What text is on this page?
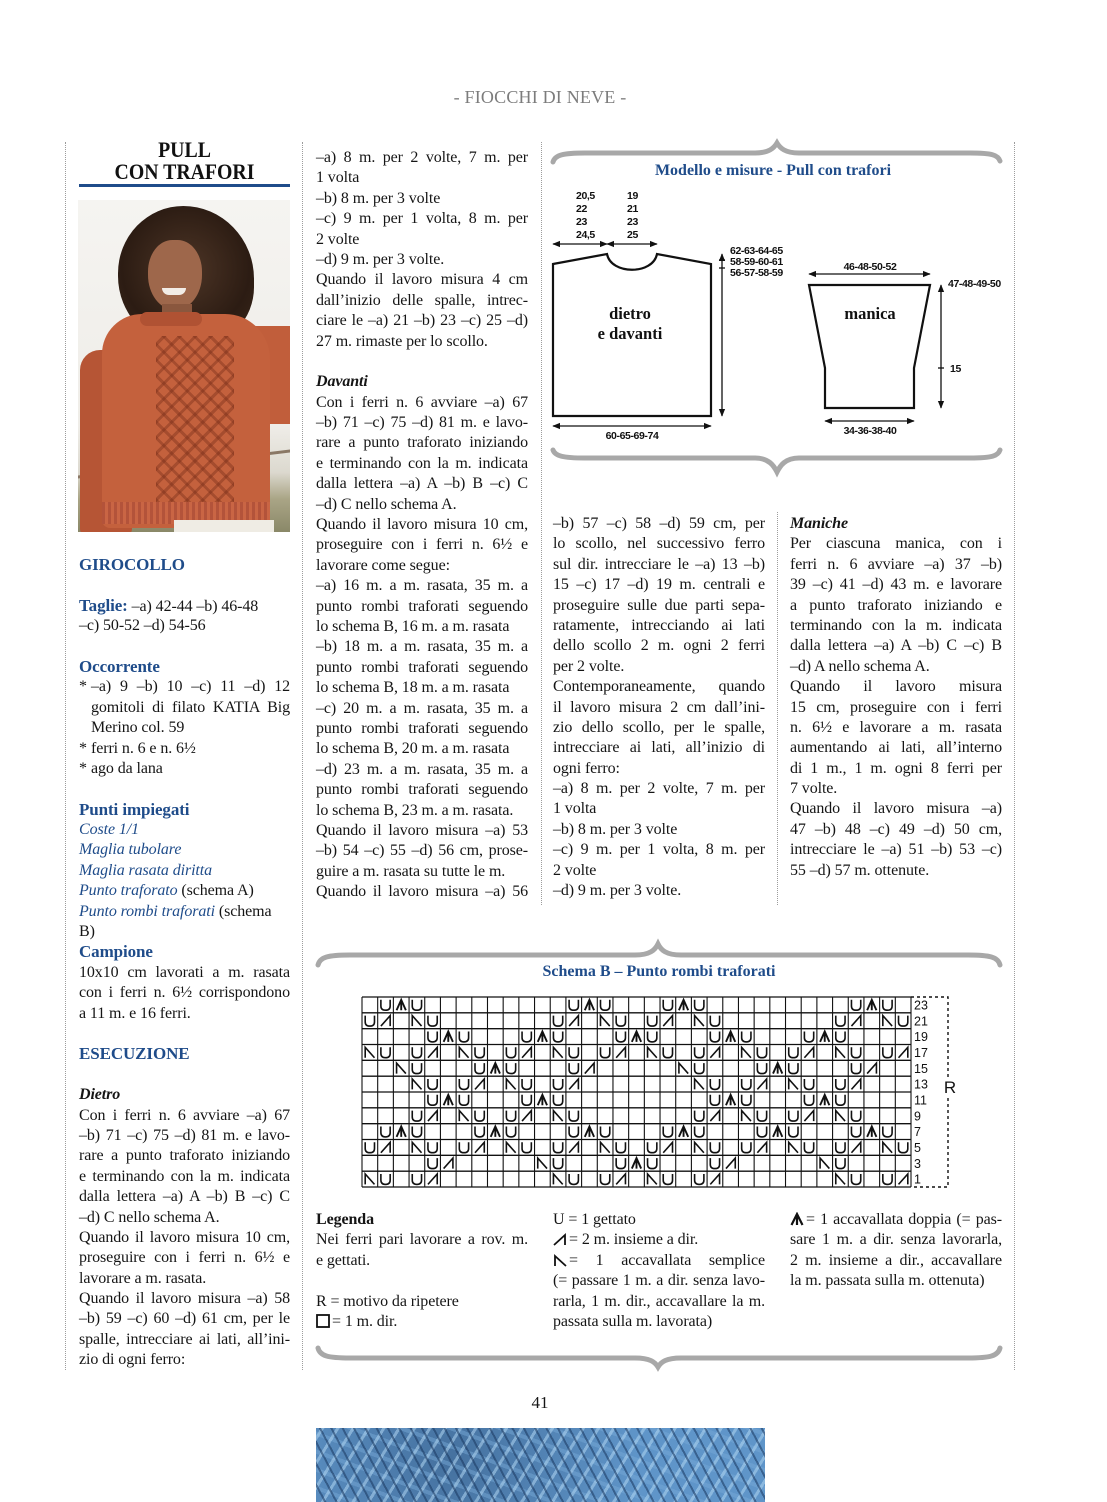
- FIOCCHI DI NEVE -
PULL
CON TRAFORI
GIROCOLLO
Taglie: –a) 42-44 –b) 46-48
–c) 50-52 –d) 54-56
Occorrente
* –a) 9 –b) 10 –c) 11 –d) 12
gomitoli di filato KATIA Big
Merino col. 59
* ferri n. 6 e n. 6½
* ago da lana
Punti impiegati
Coste 1/1
Maglia tubolare
Maglia rasata diritta
Punto traforato (schema A)
Punto rombi traforati (schema B)
Campione
10x10 cm lavorati a m. rasata
con i ferri n. 6½ corrispondono
a 11 m. e 16 ferri.
ESECUZIONE
Dietro
Con i ferri n. 6 avviare –a) 67
–b) 71 –c) 75 –d) 81 m. e lavo-
rare a punto traforato iniziando
e terminando con la m. indicata
dalla lettera –a) A –b) B –c) C
–d) C nello schema A.
Quando il lavoro misura 10 cm,
proseguire con i ferri n. 6½ e
lavorare a m. rasata.
Quando il lavoro misura –a) 58
–b) 59 –c) 60 –d) 61 cm, per le
spalle, intrecciare ai lati, all’ini-
zio di ogni ferro:
–a) 8 m. per 2 volte, 7 m. per
1 volta
–b) 8 m. per 3 volte
–c) 9 m. per 1 volta, 8 m. per
2 volte
–d) 9 m. per 3 volte.
Quando il lavoro misura 4 cm
dall’inizio delle spalle, intrec-
ciare le –a) 21 –b) 23 –c) 25 –d)
27 m. rimaste per lo scollo.
Davanti
Con i ferri n. 6 avviare –a) 67
–b) 71 –c) 75 –d) 81 m. e lavo-
rare a punto traforato iniziando
e terminando con la m. indicata
dalla lettera –a) A –b) B –c) C
–d) C nello schema A.
Quando il lavoro misura 10 cm,
proseguire con i ferri n. 6½ e
lavorare come segue:
–a) 16 m. a m. rasata, 35 m. a
punto rombi traforati seguendo
lo schema B, 16 m. a m. rasata
–b) 18 m. a m. rasata, 35 m. a
punto rombi traforati seguendo
lo schema B, 18 m. a m. rasata
–c) 20 m. a m. rasata, 35 m. a
punto rombi traforati seguendo
lo schema B, 20 m. a m. rasata
–d) 23 m. a m. rasata, 35 m. a
punto rombi traforati seguendo
lo schema B, 23 m. a m. rasata.
Quando il lavoro misura –a) 53
–b) 54 –c) 55 –d) 56 cm, prose-
guire a m. rasata su tutte le m.
Quando il lavoro misura –a) 56
–b) 57 –c) 58 –d) 59 cm, per
lo scollo, nel successivo ferro
sul dir. intrecciare le –a) 13 –b)
15 –c) 17 –d) 19 m. centrali e
proseguire sulle due parti sepa-
ratamente, intrecciando ai lati
dello scollo 2 m. ogni 2 ferri
per 2 volte.
Contemporaneamente, quando
il lavoro misura 2 cm dall’ini-
zio dello scollo, per le spalle,
intrecciare ai lati, all’inizio di
ogni ferro:
–a) 8 m. per 2 volte, 7 m. per
1 volta
–b) 8 m. per 3 volte
–c) 9 m. per 1 volta, 8 m. per
2 volte
–d) 9 m. per 3 volte.
Maniche
Per ciascuna manica, con i
ferri n. 6 avviare –a) 37 –b)
39 –c) 41 –d) 43 m. e lavorare
a punto traforato iniziando e
terminando con la m. indicata
dalla lettera –a) A –b) C –c) B
–d) A nello schema A.
Quando il lavoro misura
15 cm, proseguire con i ferri
n. 6½ e lavorare a m. rasata
aumentando ai lati, all’interno
di 1 m., 1 m. ogni 8 ferri per
7 volte.
Quando il lavoro misura –a)
47 –b) 48 –c) 49 –d) 50 cm,
intrecciare le –a) 51 –b) 53 –c)
55 –d) 57 m. ottenute.
Modello e misure - Pull con trafori
20,5
22
23
24,5
19
21
23
25
62-63-64-65
58-59-60-61
56-57-58-59
60-65-69-74
dietro
e davanti
46-48-50-52
47-48-49-50
15
34-36-38-40
manica
Schema B – Punto rombi traforati
23
21
19
17
15
13
11
9
7
5
3
1
R
Legenda
Nei ferri pari lavorare a rov. m.
e gettati.
R = motivo da ripetere
= 1 m. dir.
U = 1 gettato
= 2 m. insieme a dir.
= 1 accavallata semplice
(= passare 1 m. a dir. senza lavo-
rarla, 1 m. dir., accavallare la m.
passata sulla m. lavorata)
= 1 accavallata doppia (= pas-
sare 1 m. a dir. senza lavorarla,
2 m. insieme a dir., accavallare
la m. passata sulla m. ottenuta)
41
